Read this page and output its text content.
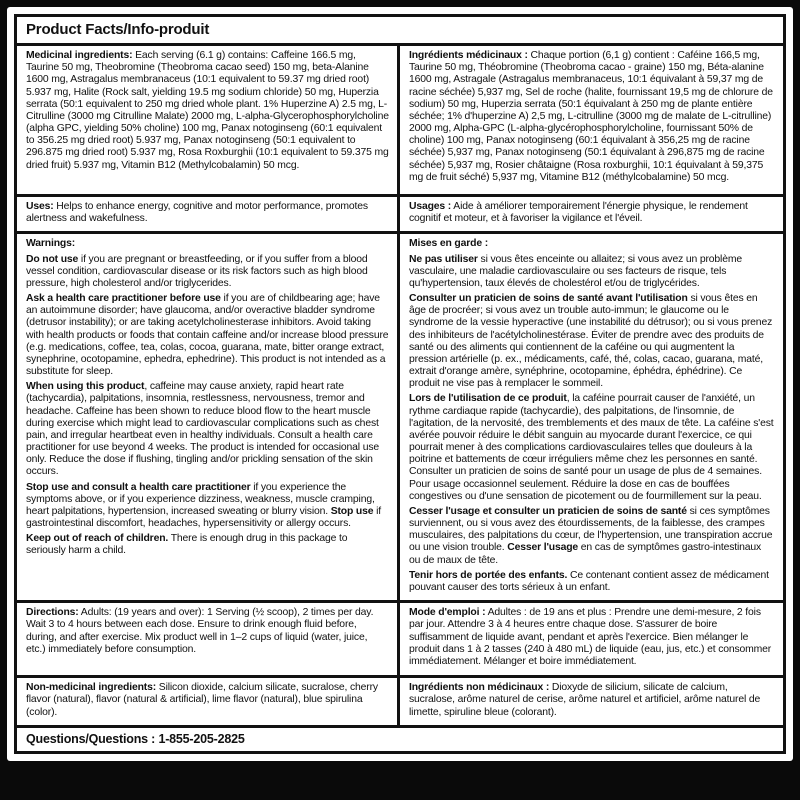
Product Facts/Info-produit

Medicinal ingredients: Each serving (6.1 g) contains: Caffeine 166.5 mg, Taurine 50 mg, Theobromine (Theobroma cacao seed) 150 mg, beta-Alanine 1600 mg, Astragalus membranaceus (10:1 equivalent to 59.37 mg dried root) 5.937 mg, Halite (Rock salt, yielding 19.5 mg sodium chloride) 50 mg, Huperzia serrata (50:1 equivalent to 250 mg dried whole plant. 1% Huperzine A) 2.5 mg, L-Citrulline (3000 mg Citrulline Malate) 2000 mg, L-alpha-Glycerophosphorylcholine (alpha GPC, yielding 50% choline) 100 mg, Panax notoginseng (60:1 equivalent to 356.25 mg dried root) 5.937 mg, Panax notoginseng (50:1 equivalent to 296.875 mg dried root) 5.937 mg, Rosa Roxburghii (10:1 equivalent to 59.375 mg dried fruit) 5.937 mg, Vitamin B12 (Methylcobalamin) 50 mcg.

Ingrédients médicinaux : Chaque portion (6,1 g) contient : Caféine 166,5 mg, Taurine 50 mg, Théobromine (Theobroma cacao - graine) 150 mg, Béta-alanine 1600 mg, Astragale (Astragalus membranaceus, 10:1 équivalant à 59,37 mg de racine séchée) 5,937 mg, Sel de roche (halite, fournissant 19,5 mg de chlorure de sodium) 50 mg, Huperzia serrata (50:1 équivalant à 250 mg de plante entière séchée; 1% d'huperzine A) 2,5 mg, L-citrulline (3000 mg de malate de L-citrulline) 2000 mg, Alpha-GPC (L-alpha-glycérophosphorylcholine, fournissant 50% de choline) 100 mg, Panax notoginseng (60:1 équivalant à 356,25 mg de racine séchée) 5,937 mg, Panax notoginseng (50:1 équivalant à 296,875 mg de racine séchée) 5,937 mg, Rosier châtaigne (Rosa roxburghii, 10:1 équivalant à 59,375 mg de fruit séché) 5,937 mg, Vitamine B12 (méthylcobalamine) 50 mcg.

Uses: Helps to enhance energy, cognitive and motor performance, promotes alertness and wakefulness.

Usages : Aide à améliorer temporairement l'énergie physique, le rendement cognitif et moteur, et à favoriser la vigilance et l'éveil.

Warnings:

Do not use if you are pregnant or breastfeeding, or if you suffer from a blood vessel condition, cardiovascular disease or its risk factors such as high blood pressure, high cholesterol and/or triglycerides.

Ask a health care practitioner before use if you are of childbearing age; have an autoimmune disorder; have glaucoma, and/or overactive bladder syndrome (detrusor instability); or are taking acetylcholinesterase inhibitors. Avoid taking with health products or foods that contain caffeine and/or increase blood pressure (e.g. medications, coffee, tea, colas, cocoa, guarana, mate, bitter orange extract, synephrine, ocotopamine, ephedra, ephedrine). This product is not intended as a substitute for sleep.

When using this product, caffeine may cause anxiety, rapid heart rate (tachycardia), palpitations, insomnia, restlessness, nervousness, tremor and headache. Caffeine has been shown to reduce blood flow to the heart muscle during exercise which might lead to cardiovascular complications such as chest pain, and irregular heartbeat even in healthy individuals. Consult a health care practitioner for use beyond 4 weeks. The product is intended for occasional use only. Reduce the dose if flushing, tingling and/or prickling sensation of the skin occurs.

Stop use and consult a health care practitioner if you experience the symptoms above, or if you experience dizziness, weakness, muscle cramping, heart palpitations, hypertension, increased sweating or blurry vision. Stop use if gastrointestinal discomfort, headaches, hypersensitivity or allergy occurs.

Keep out of reach of children. There is enough drug in this package to seriously harm a child.

Mises en garde :

Ne pas utiliser si vous êtes enceinte ou allaitez; si vous avez un problème vasculaire, une maladie cardiovasculaire ou ses facteurs de risque, tels qu'hypertension, taux élevés de cholestérol et/ou de triglycérides.

Consulter un praticien de soins de santé avant l'utilisation si vous êtes en âge de procréer; si vous avez un trouble auto-immun; le glaucome ou le syndrome de la vessie hyperactive (une instabilité du détrusor); ou si vous prenez des inhibiteurs de l'acétylcholinestérase. Éviter de prendre avec des produits de santé ou des aliments qui contiennent de la caféine ou qui augmentent la pression artérielle (p. ex., médicaments, café, thé, colas, cacao, guarana, maté, extrait d'orange amère, synéphrine, ocotopamine, éphédra, éphédrine). Ce produit ne vise pas à remplacer le sommeil.

Lors de l'utilisation de ce produit, la caféine pourrait causer de l'anxiété, un rythme cardiaque rapide (tachycardie), des palpitations, de l'insomnie, de l'agitation, de la nervosité, des tremblements et des maux de tête. La caféine s'est avérée pouvoir réduire le débit sanguin au myocarde durant l'exercice, ce qui pourrait mener à des complications cardiovasculaires telles que douleurs à la poitrine et battements de cœur irréguliers même chez les personnes en santé. Consulter un praticien de soins de santé pour un usage de plus de 4 semaines. Pour usage occasionnel seulement. Réduire la dose en cas de bouffées congestives ou d'une sensation de picotement ou de fourmillement sur la peau.

Cesser l'usage et consulter un praticien de soins de santé si ces symptômes surviennent, ou si vous avez des étourdissements, de la faiblesse, des crampes musculaires, des palpitations du cœur, de l'hypertension, une transpiration accrue ou une vision trouble. Cesser l'usage en cas de symptômes gastro-intestinaux ou de maux de tête.

Tenir hors de portée des enfants. Ce contenant contient assez de médicament pouvant causer des torts sérieux à un enfant.

Directions: Adults: (19 years and over): 1 Serving (½ scoop), 2 times per day. Wait 3 to 4 hours between each dose. Ensure to drink enough fluid before, during, and after exercise. Mix product well in 1–2 cups of liquid (water, juice, etc.) immediately before consumption.

Mode d'emploi : Adultes : de 19 ans et plus : Prendre une demi-mesure, 2 fois par jour. Attendre 3 à 4 heures entre chaque dose. S'assurer de boire suffisamment de liquide avant, pendant et après l'exercice. Bien mélanger le produit dans 1 à 2 tasses (240 à 480 mL) de liquide (eau, jus, etc.) et consommer immédiatement. Mélanger et boire immédiatement.

Non-medicinal ingredients: Silicon dioxide, calcium silicate, sucralose, cherry flavor (natural), flavor (natural & artificial), lime flavor (natural), blue spirulina (color).

Ingrédients non médicinaux : Dioxyde de silicium, silicate de calcium, sucralose, arôme naturel de cerise, arôme naturel et artificiel, arôme naturel de limette, spiruline bleue (colorant).

Questions/Questions : 1-855-205-2825
